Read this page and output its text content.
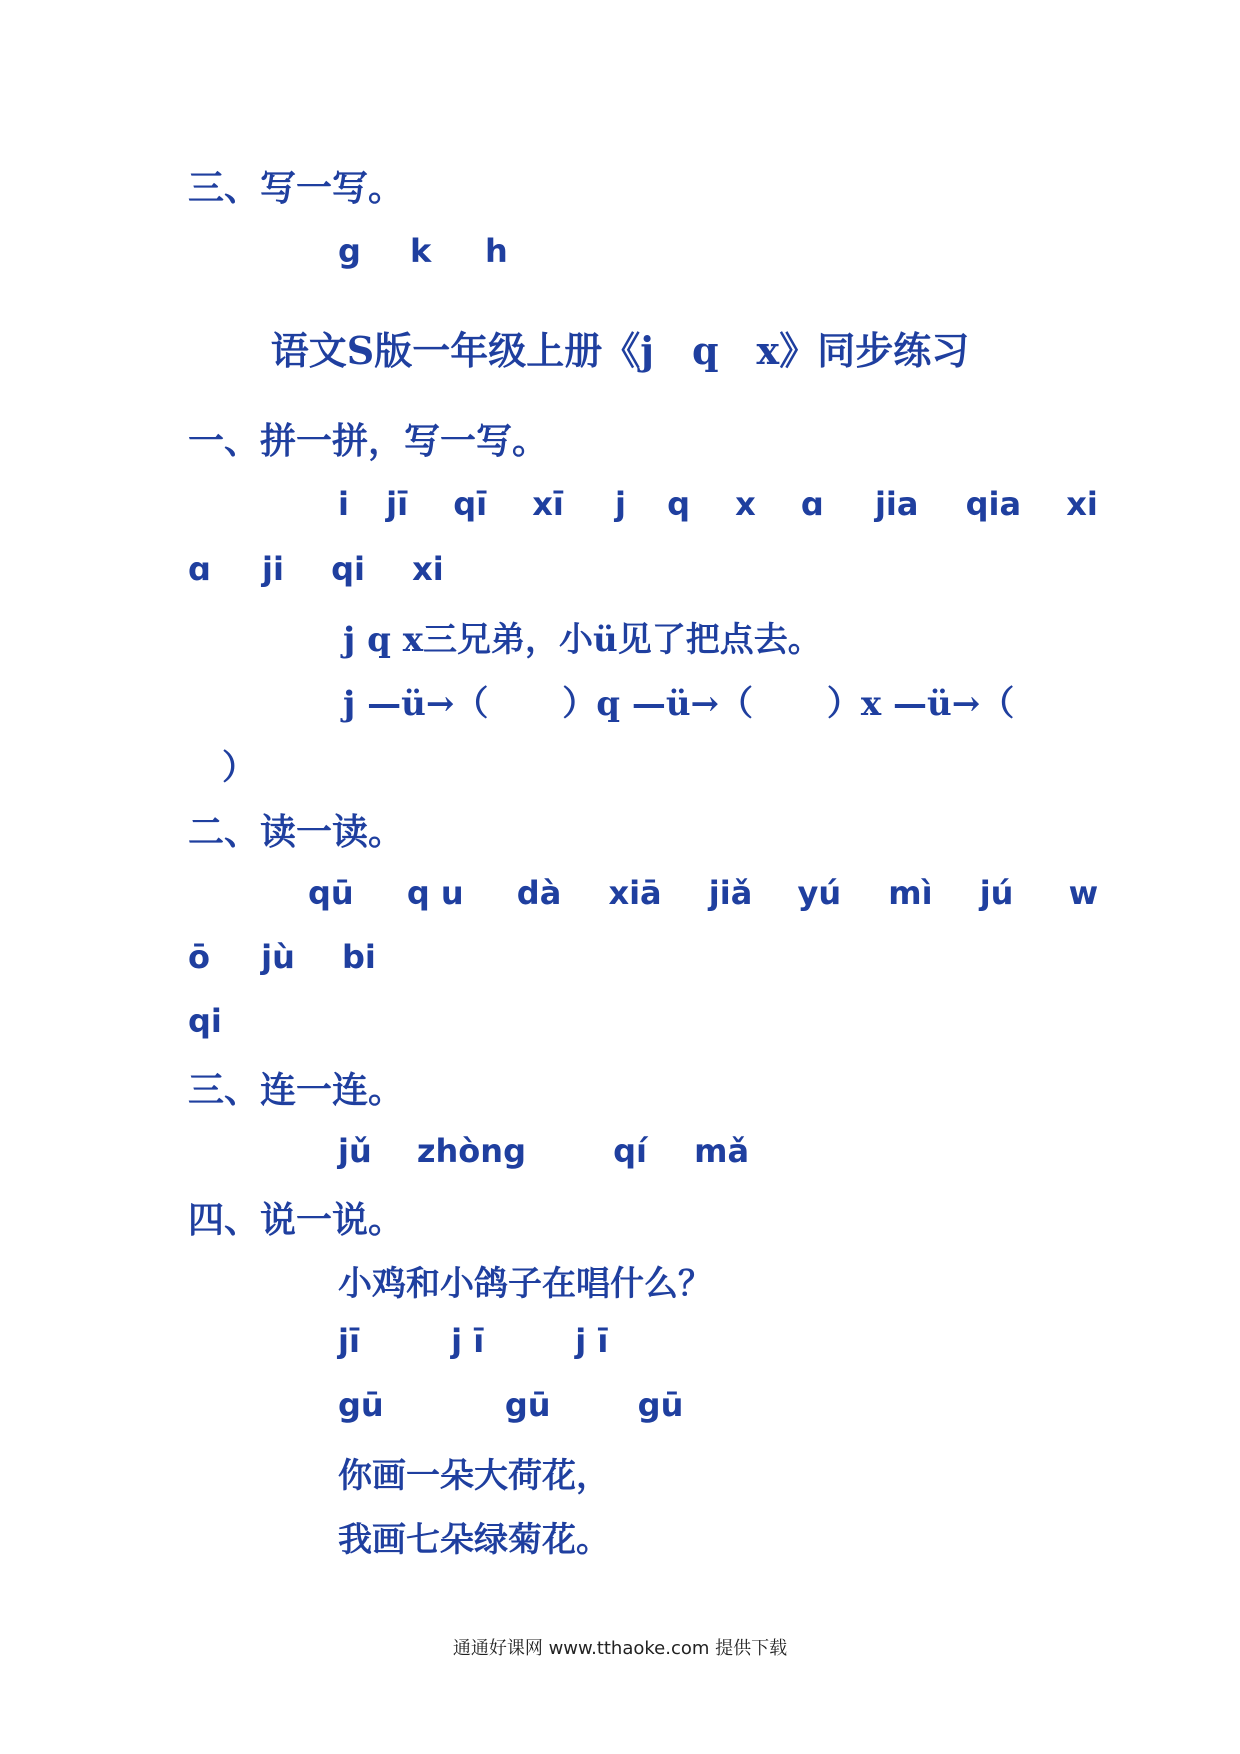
三、写一写。
g k h
语文S版一年级上册《j　q　x》同步练习
一、拼一拼，写一写。
i jī qī xī j q x ɑ jia qia xi
ɑ ji qi xi
j q x三兄弟，小ü见了把点去。
j —ü→（ ）q —ü→（ ）x —ü→（
）
二、读一读。
qū q u dà xiā jiǎ yú mì jú w
ō jù bi
qi
三、连一连。
jǔ zhòng	qí mǎ
四、说一说。
小鸡和小鸽子在唱什么？
jī	j ī	j ī
gū	gū	gū
你画一朵大荷花，
我画七朵绿菊花。
通通好课网 www.tthaoke.com 提供下载
